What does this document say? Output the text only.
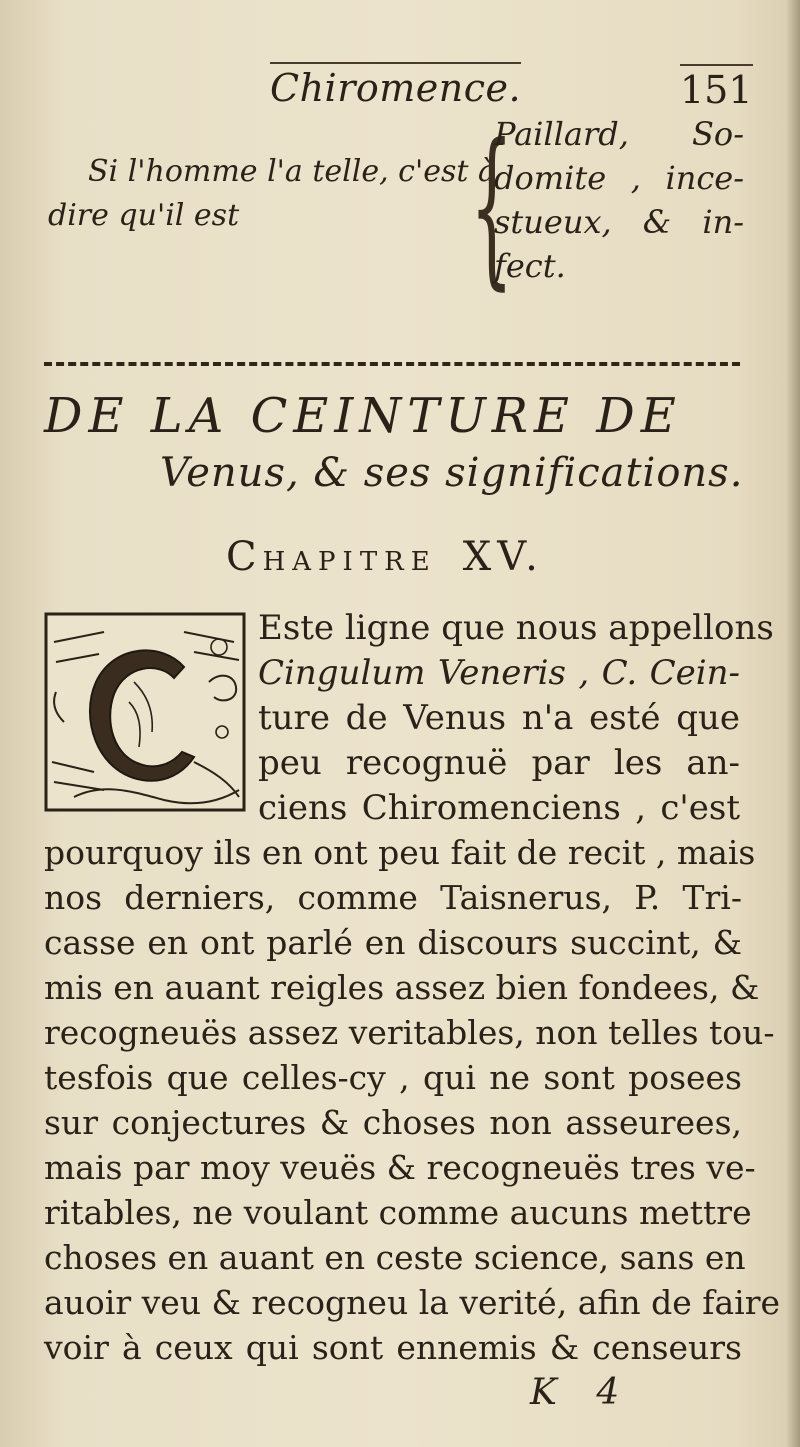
Chiromence.	151
Si l'homme l'a telle, c'est à
dire qu'il est	{
Paillard, So-
domite , ince-
stueux, & in-
fect.
DE LA CEINTURE DE
Venus, & ses significations.
CHAPITRE XV.
Este ligne que nous appellons
Cingulum Veneris , C. Cein-
ture de Venus n'a esté que
peu recognuë par les an-
ciens Chiromenciens , c'est
pourquoy ils en ont peu fait de recit , mais
nos derniers, comme Taisnerus, P. Tri-
casse en ont parlé en discours succint, &
mis en auant reigles assez bien fondees, &
recogneuës assez veritables, non telles tou-
tesfois que celles-cy , qui ne sont posees
sur conjectures & choses non asseurees,
mais par moy veuës & recogneuës tres ve-
ritables, ne voulant comme aucuns mettre
choses en auant en ceste science, sans en
auoir veu & recogneu la verité, afin de faire
voir à ceux qui sont ennemis & censeurs
K 4
